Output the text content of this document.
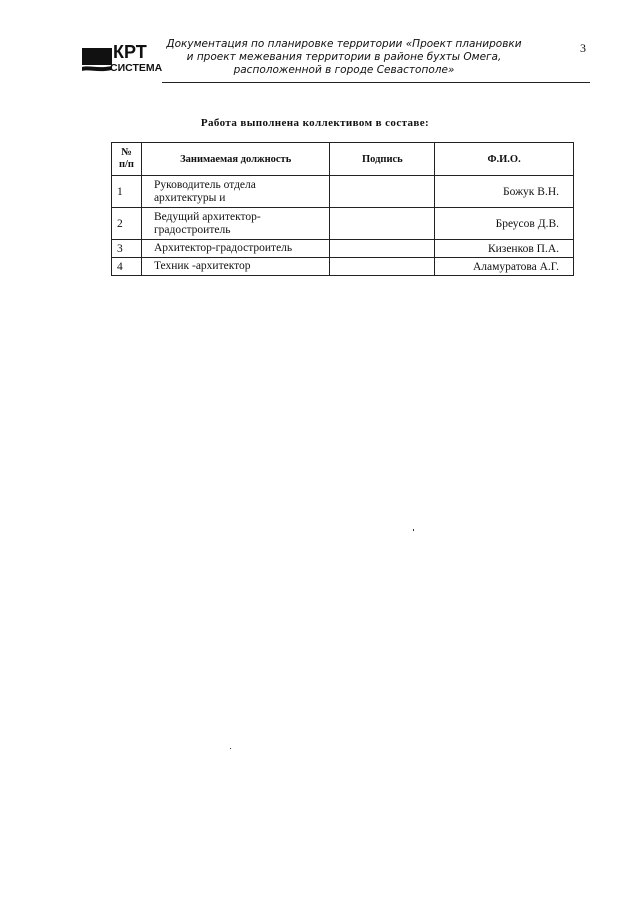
КРТ
СИСТЕМА
Документация по планировке территории «Проект планировки
и проект межевания территории в районе бухты Омега,
расположенной в городе Севастополе»
3
Работа выполнена коллективом в составе:
№
п/п	Занимаемая должность	Подпись	Ф.И.О.
1	Руководитель отдела
архитектуры и		Божук В.Н.
2	Ведущий архитектор-
градостроитель		Бреусов Д.В.
3	Архитектор-градостроитель		Кизенков П.А.
4	Техник -архитектор		Аламуратова А.Г.
